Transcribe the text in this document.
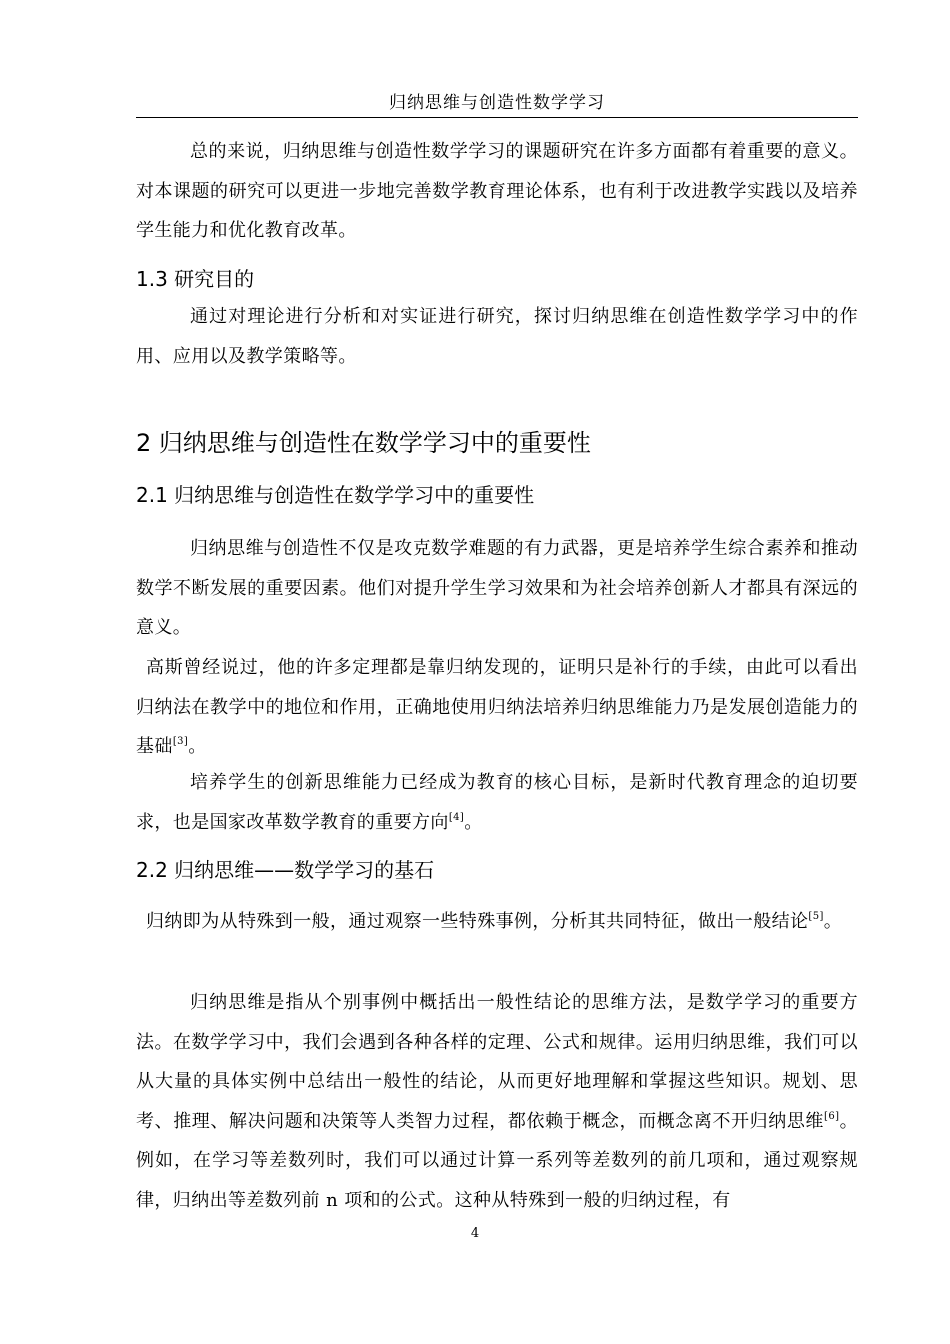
归纳思维与创造性数学学习

总的来说，归纳思维与创造性数学学习的课题研究在许多方面都有着重要的意义。对本课题的研究可以更进一步地完善数学教育理论体系，也有利于改进教学实践以及培养学生能力和优化教育改革。

1.3 研究目的

通过对理论进行分析和对实证进行研究，探讨归纳思维在创造性数学学习中的作用、应用以及教学策略等。

2 归纳思维与创造性在数学学习中的重要性
2.1 归纳思维与创造性在数学学习中的重要性

归纳思维与创造性不仅是攻克数学难题的有力武器，更是培养学生综合素养和推动数学不断发展的重要因素。他们对提升学生学习效果和为社会培养创新人才都具有深远的意义。

高斯曾经说过，他的许多定理都是靠归纳发现的，证明只是补行的手续，由此可以看出归纳法在教学中的地位和作用，正确地使用归纳法培养归纳思维能力乃是发展创造能力的基础[3]。

培养学生的创新思维能力已经成为教育的核心目标，是新时代教育理念的迫切要求，也是国家改革数学教育的重要方向[4]。

2.2 归纳思维——数学学习的基石

归纳即为从特殊到一般，通过观察一些特殊事例，分析其共同特征，做出一般结论[5]。

归纳思维是指从个别事例中概括出一般性结论的思维方法，是数学学习的重要方法。在数学学习中，我们会遇到各种各样的定理、公式和规律。运用归纳思维，我们可以从大量的具体实例中总结出一般性的结论，从而更好地理解和掌握这些知识。规划、思考、推理、解决问题和决策等人类智力过程，都依赖于概念，而概念离不开归纳思维[6]。例如，在学习等差数列时，我们可以通过计算一系列等差数列的前几项和，通过观察规律，归纳出等差数列前 n 项和的公式。这种从特殊到一般的归纳过程，有

4
